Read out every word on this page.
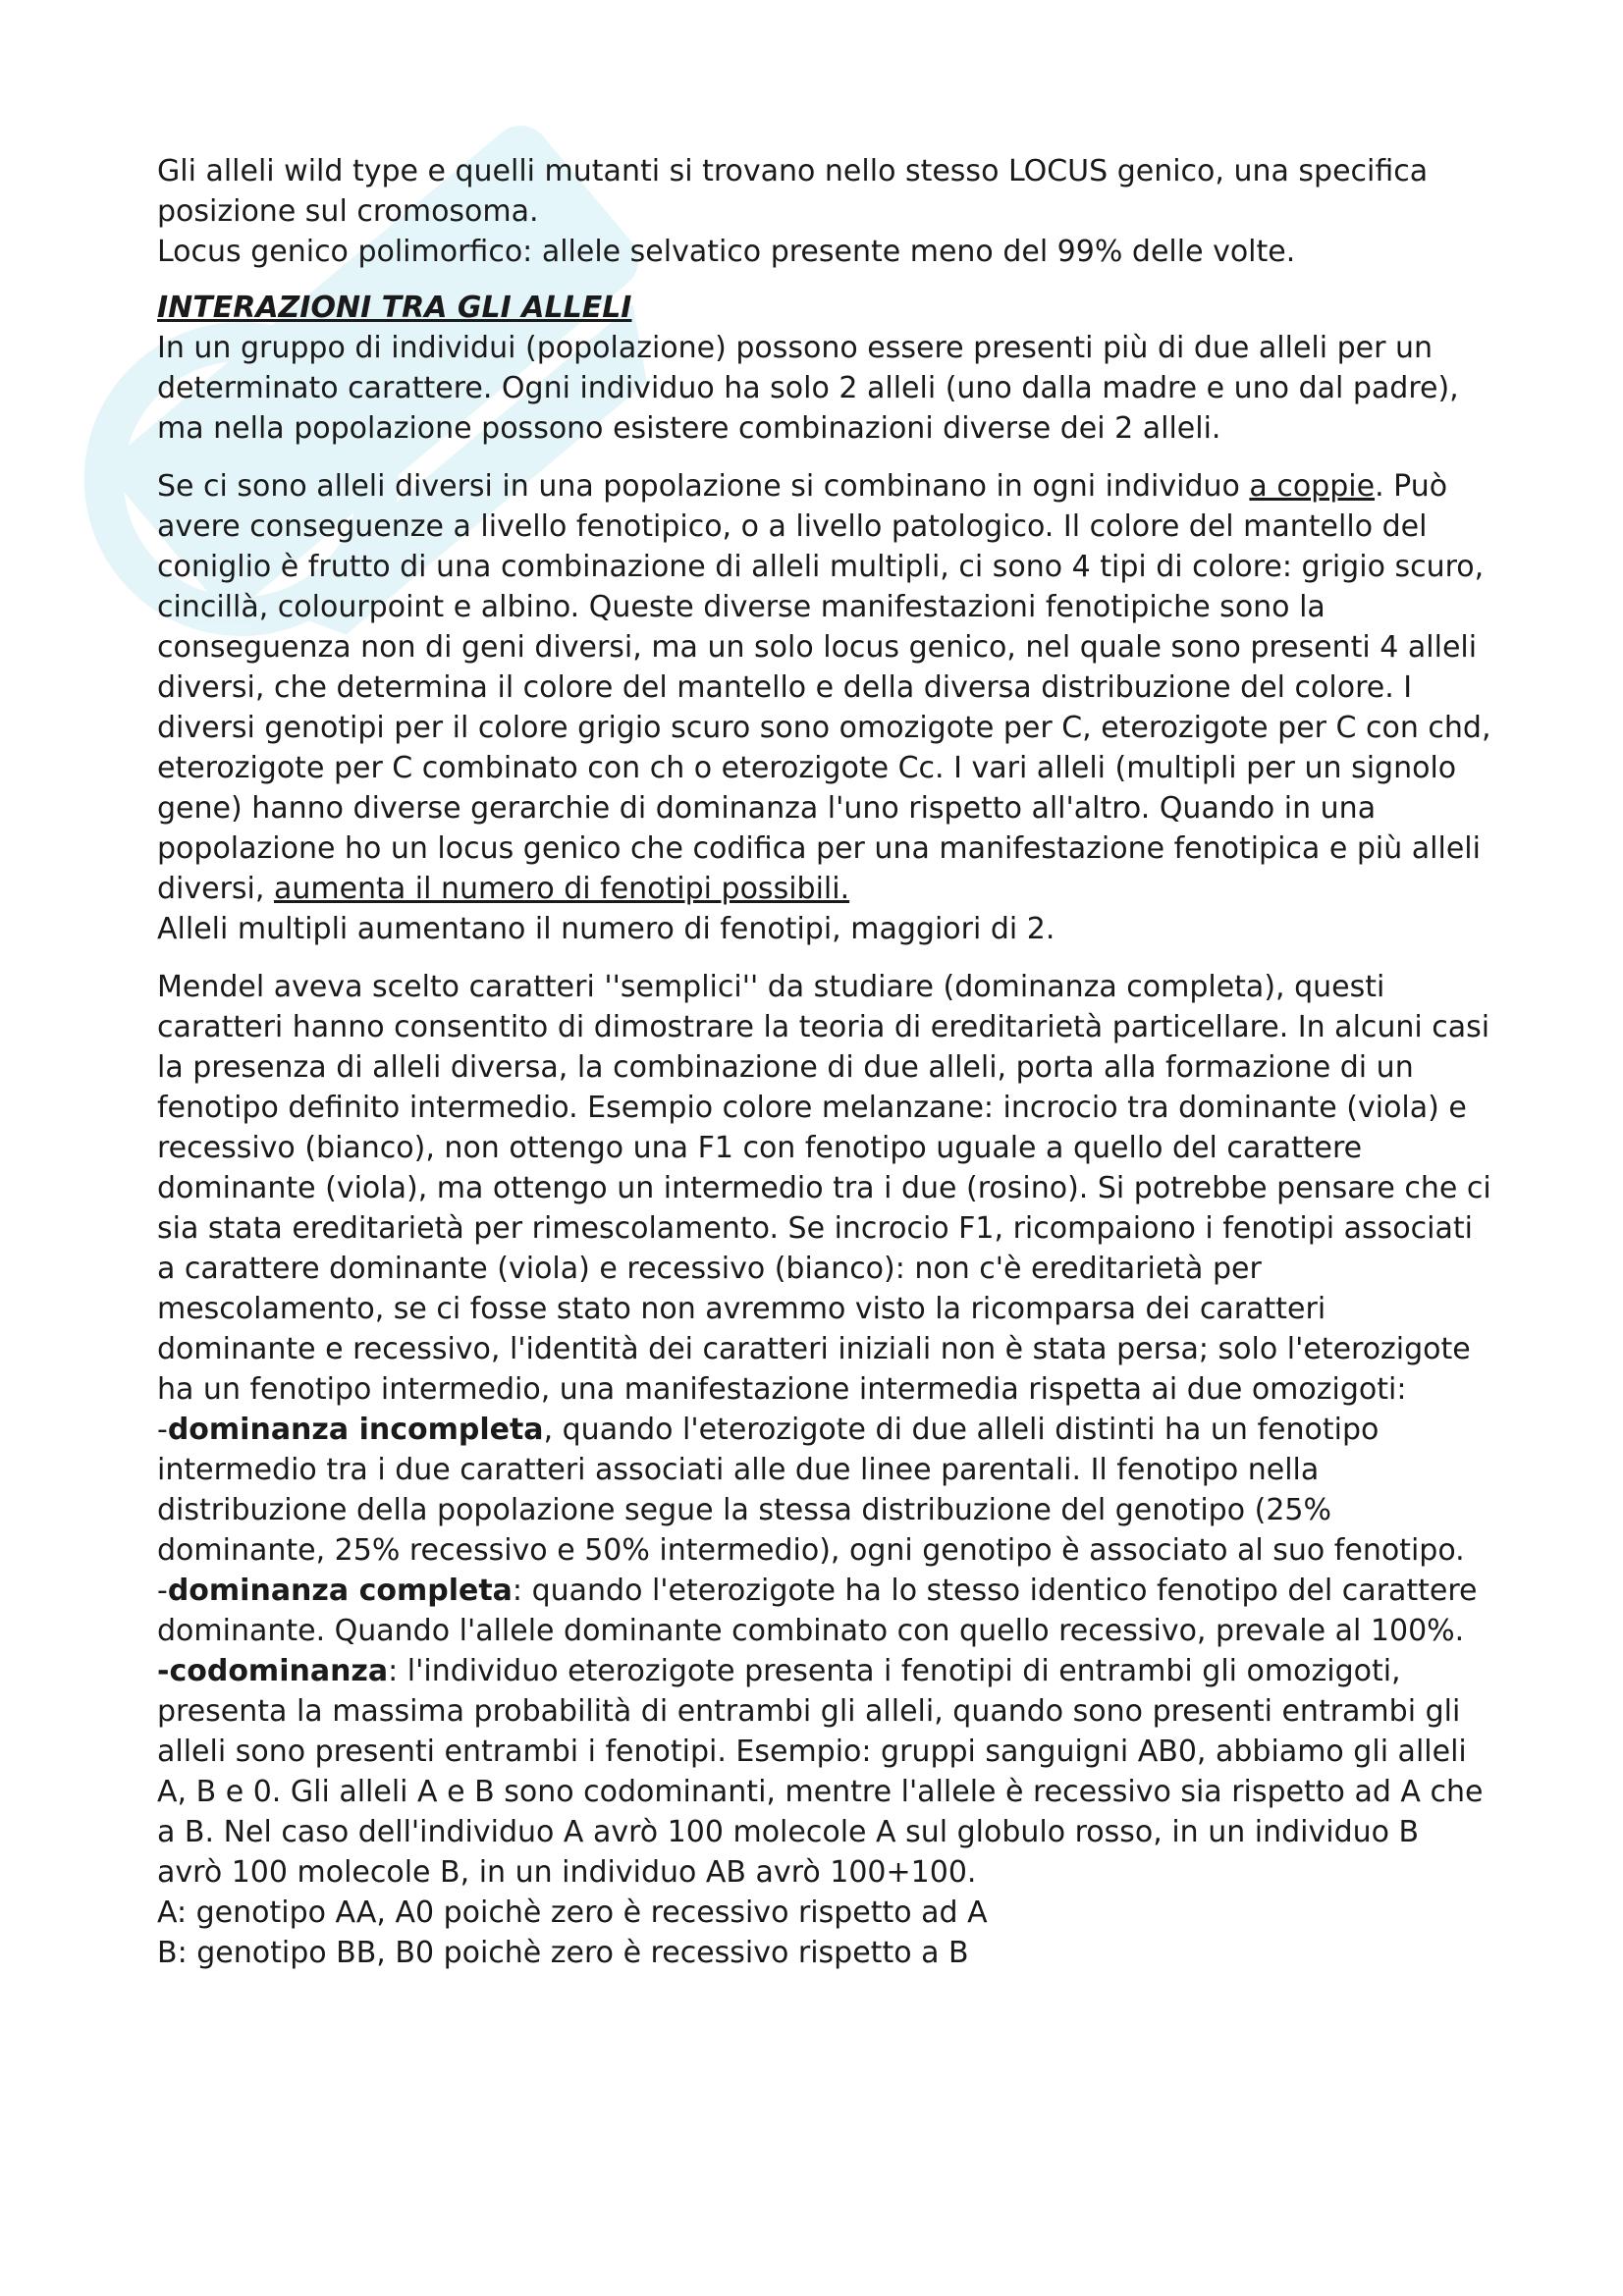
Gli alleli wild type e quelli mutanti si trovano nello stesso LOCUS genico, una specifica posizione sul cromosoma.

Locus genico polimorfico: allele selvatico presente meno del 99% delle volte.

INTERAZIONI TRA GLI ALLELI

In un gruppo di individui (popolazione) possono essere presenti più di due alleli per un determinato carattere. Ogni individuo ha solo 2 alleli (uno dalla madre e uno dal padre), ma nella popolazione possono esistere combinazioni diverse dei 2 alleli.

Se ci sono alleli diversi in una popolazione si combinano in ogni individuo a coppie. Può avere conseguenze a livello fenotipico, o a livello patologico. Il colore del mantello del coniglio è frutto di una combinazione di alleli multipli, ci sono 4 tipi di colore: grigio scuro, cincillà, colourpoint e albino. Queste diverse manifestazioni fenotipiche sono la conseguenza non di geni diversi, ma un solo locus genico, nel quale sono presenti 4 alleli diversi, che determina il colore del mantello e della diversa distribuzione del colore. I diversi genotipi per il colore grigio scuro sono omozigote per C, eterozigote per C con chd, eterozigote per C combinato con ch o eterozigote Cc. I vari alleli (multipli per un signolo gene) hanno diverse gerarchie di dominanza l'uno rispetto all'altro. Quando in una popolazione ho un locus genico che codifica per una manifestazione fenotipica e più alleli diversi, aumenta il numero di fenotipi possibili.
Alleli multipli aumentano il numero di fenotipi, maggiori di 2.

Mendel aveva scelto caratteri ''semplici'' da studiare (dominanza completa), questi caratteri hanno consentito di dimostrare la teoria di ereditarietà particellare. In alcuni casi la presenza di alleli diversa, la combinazione di due alleli, porta alla formazione di un fenotipo definito intermedio. Esempio colore melanzane: incrocio tra dominante (viola) e recessivo (bianco), non ottengo una F1 con fenotipo uguale a quello del carattere dominante (viola), ma ottengo un intermedio tra i due (rosino). Si potrebbe pensare che ci sia stata ereditarietà per rimescolamento. Se incrocio F1, ricompaiono i fenotipi associati a carattere dominante (viola) e recessivo (bianco): non c'è ereditarietà per mescolamento, se ci fosse stato non avremmo visto la ricomparsa dei caratteri dominante e recessivo, l'identità dei caratteri iniziali non è stata persa; solo l'eterozigote ha un fenotipo intermedio, una manifestazione intermedia rispetta ai due omozigoti:

-dominanza incompleta, quando l'eterozigote di due alleli distinti ha un fenotipo intermedio tra i due caratteri associati alle due linee parentali. Il fenotipo nella distribuzione della popolazione segue la stessa distribuzione del genotipo (25% dominante, 25% recessivo e 50% intermedio), ogni genotipo è associato al suo fenotipo.

-dominanza completa: quando l'eterozigote ha lo stesso identico fenotipo del carattere dominante. Quando l'allele dominante combinato con quello recessivo, prevale al 100%.

-codominanza: l'individuo eterozigote presenta i fenotipi di entrambi gli omozigoti, presenta la massima probabilità di entrambi gli alleli, quando sono presenti entrambi gli alleli sono presenti entrambi i fenotipi. Esempio: gruppi sanguigni AB0, abbiamo gli alleli A, B e 0. Gli alleli A e B sono codominanti, mentre l'allele è recessivo sia rispetto ad A che a B. Nel caso dell'individuo A avrò 100 molecole A sul globulo rosso, in un individuo B avrò 100 molecole B, in un individuo AB avrò 100+100.

A: genotipo AA, A0 poichè zero è recessivo rispetto ad A

B: genotipo BB, B0 poichè zero è recessivo rispetto a B
